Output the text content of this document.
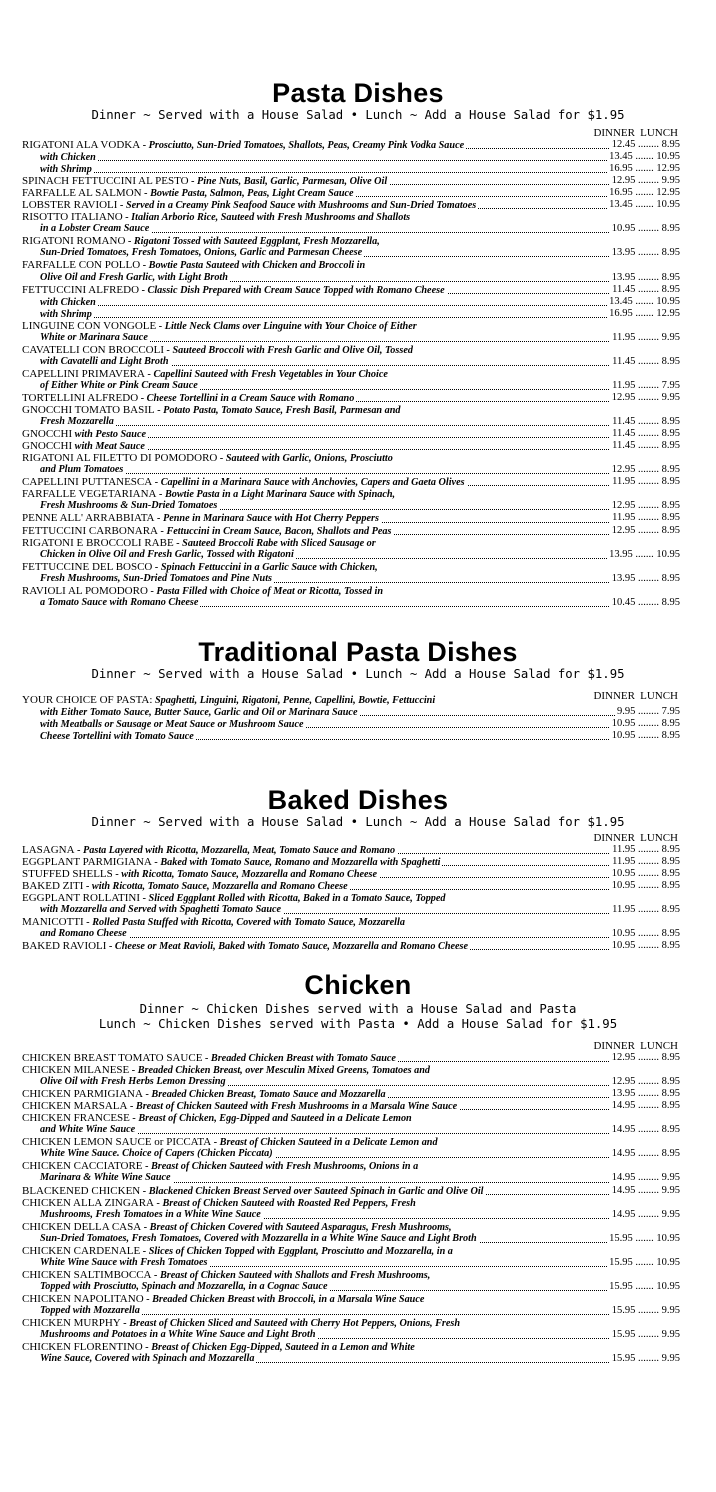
Pasta Dishes
Dinner ~ Served with a House Salad • Lunch ~ Add a House Salad for $1.95
DINNER LUNCH
RIGATONI ALA VODKA - Prosciutto, Sun-Dried Tomatoes, Shallots, Peas, Creamy Pink Vodka Sauce	12.45 ........ 8.95
with Chicken	13.45 ....... 10.95
with Shrimp	16.95 ....... 12.95
SPINACH FETTUCCINI AL PESTO - Pine Nuts, Basil, Garlic, Parmesan, Olive Oil	12.95 ........ 9.95
FARFALLE AL SALMON - Bowtie Pasta, Salmon, Peas, Light Cream Sauce	16.95 ....... 12.95
LOBSTER RAVIOLI - Served in a Creamy Pink Seafood Sauce with Mushrooms and Sun-Dried Tomatoes	13.45 ....... 10.95
RISOTTO ITALIANO - Italian Arborio Rice, Sauteed with Fresh Mushrooms and Shallots
in a Lobster Cream Sauce	10.95 ........ 8.95
RIGATONI ROMANO - Rigatoni Tossed with Sauteed Eggplant, Fresh Mozzarella,
Sun-Dried Tomatoes, Fresh Tomatoes, Onions, Garlic and Parmesan Cheese	13.95 ........ 8.95
FARFALLE CON POLLO - Bowtie Pasta Sauteed with Chicken and Broccoli in
Olive Oil and Fresh Garlic, with Light Broth	13.95 ........ 8.95
FETTUCCINI ALFREDO - Classic Dish Prepared with Cream Sauce Topped with Romano Cheese	11.45 ........ 8.95
with Chicken	13.45 ....... 10.95
with Shrimp	16.95 ....... 12.95
LINGUINE CON VONGOLE - Little Neck Clams over Linguine with Your Choice of Either
White or Marinara Sauce	11.95 ........ 9.95
CAVATELLI CON BROCCOLI - Sauteed Broccoli with Fresh Garlic and Olive Oil, Tossed
with Cavatelli and Light Broth	11.45 ........ 8.95
CAPELLINI PRIMAVERA - Capellini Sauteed with Fresh Vegetables in Your Choice
of Either White or Pink Cream Sauce	11.95 ........ 7.95
TORTELLINI ALFREDO - Cheese Tortellini in a Cream Sauce with Romano	12.95 ........ 9.95
GNOCCHI TOMATO BASIL - Potato Pasta, Tomato Sauce, Fresh Basil, Parmesan and
Fresh Mozzarella	11.45 ........ 8.95
GNOCCHI with Pesto Sauce	11.45 ........ 8.95
GNOCCHI with Meat Sauce	11.45 ........ 8.95
RIGATONI AL FILETTO DI POMODORO - Sauteed with Garlic, Onions, Prosciutto
and Plum Tomatoes	12.95 ........ 8.95
CAPELLINI PUTTANESCA - Capellini in a Marinara Sauce with Anchovies, Capers and Gaeta Olives	11.95 ........ 8.95
FARFALLE VEGETARIANA - Bowtie Pasta in a Light Marinara Sauce with Spinach,
Fresh Mushrooms & Sun-Dried Tomatoes	12.95 ........ 8.95
PENNE ALL' ARRABBIATA - Penne in Marinara Sauce with Hot Cherry Peppers	11.95 ........ 8.95
FETTUCCINI CARBONARA - Fettuccini in Cream Sauce, Bacon, Shallots and Peas	12.95 ........ 8.95
RIGATONI E BROCCOLI RABE - Sauteed Broccoli Rabe with Sliced Sausage or
Chicken in Olive Oil and Fresh Garlic, Tossed with Rigatoni	13.95 ....... 10.95
FETTUCCINE DEL BOSCO - Spinach Fettuccini in a Garlic Sauce with Chicken,
Fresh Mushrooms, Sun-Dried Tomatoes and Pine Nuts	13.95 ........ 8.95
RAVIOLI AL POMODORO - Pasta Filled with Choice of Meat or Ricotta, Tossed in
a Tomato Sauce with Romano Cheese	10.45 ........ 8.95
Traditional Pasta Dishes
Dinner ~ Served with a House Salad • Lunch ~ Add a House Salad for $1.95
DINNER LUNCH
YOUR CHOICE OF PASTA: Spaghetti, Linguini, Rigatoni, Penne, Capellini, Bowtie, Fettuccini
with Either Tomato Sauce, Butter Sauce, Garlic and Oil or Marinara Sauce	9.95 ........ 7.95
with Meatballs or Sausage or Meat Sauce or Mushroom Sauce	10.95 ........ 8.95
Cheese Tortellini with Tomato Sauce	10.95 ........ 8.95
Baked Dishes
Dinner ~ Served with a House Salad • Lunch ~ Add a House Salad for $1.95
DINNER LUNCH
LASAGNA - Pasta Layered with Ricotta, Mozzarella, Meat, Tomato Sauce and Romano	11.95 ........ 8.95
EGGPLANT PARMIGIANA - Baked with Tomato Sauce, Romano and Mozzarella with Spaghetti	11.95 ........ 8.95
STUFFED SHELLS - with Ricotta, Tomato Sauce, Mozzarella and Romano Cheese	10.95 ........ 8.95
BAKED ZITI - with Ricotta, Tomato Sauce, Mozzarella and Romano Cheese	10.95 ........ 8.95
EGGPLANT ROLLATINI - Sliced Eggplant Rolled with Ricotta, Baked in a Tomato Sauce, Topped
with Mozzarella and Served with Spaghetti Tomato Sauce	11.95 ........ 8.95
MANICOTTI - Rolled Pasta Stuffed with Ricotta, Covered with Tomato Sauce, Mozzarella
and Romano Cheese	10.95 ........ 8.95
BAKED RAVIOLI - Cheese or Meat Ravioli, Baked with Tomato Sauce, Mozzarella and Romano Cheese	10.95 ........ 8.95
Chicken
Dinner ~ Chicken Dishes served with a House Salad and Pasta
Lunch ~ Chicken Dishes served with Pasta • Add a House Salad for $1.95
DINNER LUNCH
CHICKEN BREAST TOMATO SAUCE - Breaded Chicken Breast with Tomato Sauce	12.95 ........ 8.95
CHICKEN MILANESE - Breaded Chicken Breast, over Mesculin Mixed Greens, Tomatoes and
Olive Oil with Fresh Herbs Lemon Dressing	12.95 ........ 8.95
CHICKEN PARMIGIANA - Breaded Chicken Breast, Tomato Sauce and Mozzarella	13.95 ........ 8.95
CHICKEN MARSALA - Breast of Chicken Sauteed with Fresh Mushrooms in a Marsala Wine Sauce	14.95 ........ 8.95
CHICKEN FRANCESE - Breast of Chicken, Egg-Dipped and Sauteed in a Delicate Lemon
and White Wine Sauce	14.95 ........ 8.95
CHICKEN LEMON SAUCE or PICCATA - Breast of Chicken Sauteed in a Delicate Lemon and
White Wine Sauce. Choice of Capers (Chicken Piccata)	14.95 ........ 8.95
CHICKEN CACCIATORE - Breast of Chicken Sauteed with Fresh Mushrooms, Onions in a
Marinara & White Wine Sauce	14.95 ........ 9.95
BLACKENED CHICKEN - Blackened Chicken Breast Served over Sauteed Spinach in Garlic and Olive Oil	14.95 ........ 9.95
CHICKEN ALLA ZINGARA - Breast of Chicken Sauteed with Roasted Red Peppers, Fresh
Mushrooms, Fresh Tomatoes in a White Wine Sauce	14.95 ........ 9.95
CHICKEN DELLA CASA - Breast of Chicken Covered with Sauteed Asparagus, Fresh Mushrooms,
Sun-Dried Tomatoes, Fresh Tomatoes, Covered with Mozzarella in a White Wine Sauce and Light Broth	15.95 ....... 10.95
CHICKEN CARDENALE - Slices of Chicken Topped with Eggplant, Prosciutto and Mozzarella, in a
White Wine Sauce with Fresh Tomatoes	15.95 ....... 10.95
CHICKEN SALTIMBOCCA - Breast of Chicken Sauteed with Shallots and Fresh Mushrooms,
Topped with Prosciutto, Spinach and Mozzarella, in a Cognac Sauce	15.95 ....... 10.95
CHICKEN NAPOLITANO - Breaded Chicken Breast with Broccoli, in a Marsala Wine Sauce
Topped with Mozzarella	15.95 ........ 9.95
CHICKEN MURPHY - Breast of Chicken Sliced and Sauteed with Cherry Hot Peppers, Onions, Fresh
Mushrooms and Potatoes in a White Wine Sauce and Light Broth	15.95 ........ 9.95
CHICKEN FLORENTINO - Breast of Chicken Egg-Dipped, Sauteed in a Lemon and White
Wine Sauce, Covered with Spinach and Mozzarella	15.95 ........ 9.95
